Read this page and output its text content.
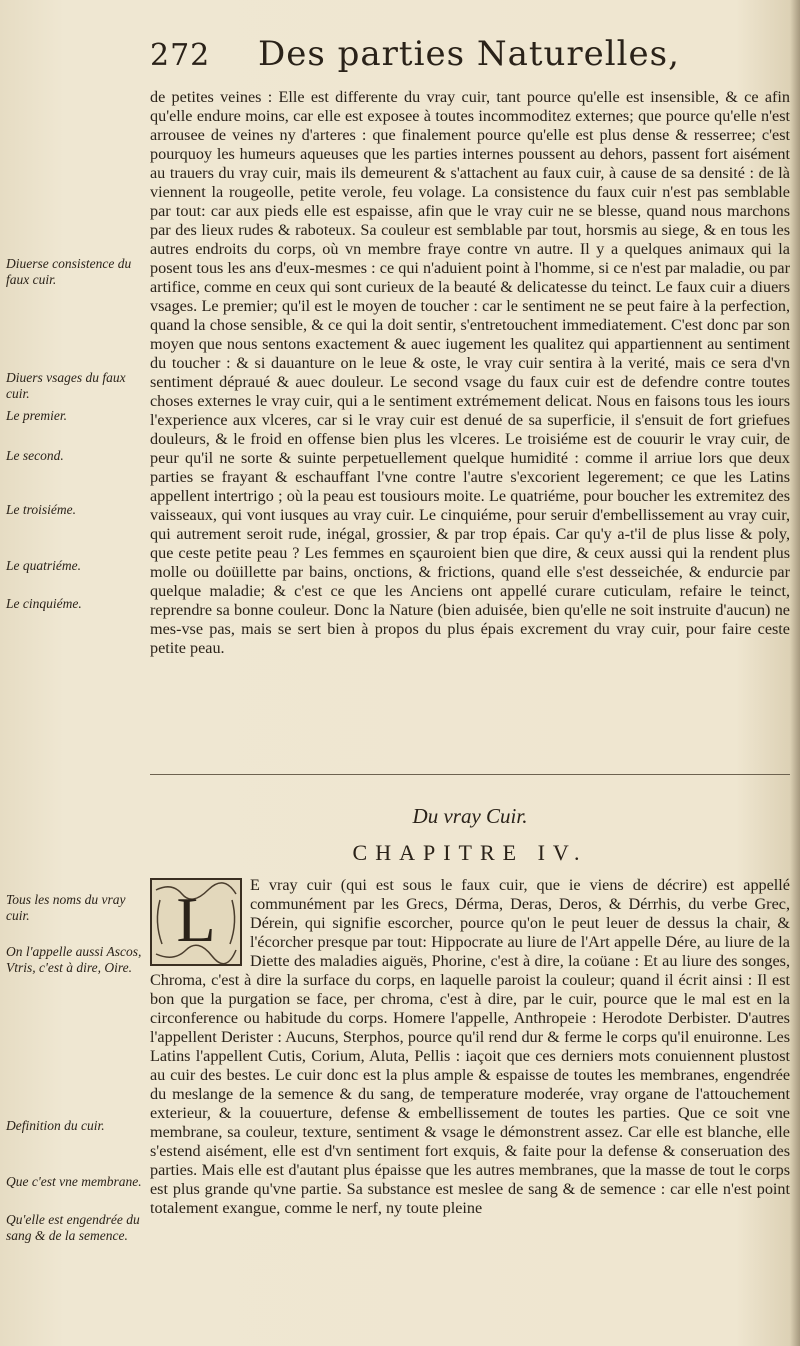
272 Des parties Naturelles,
Diuerse consistence du faux cuir.
Diuers vsages du faux cuir.
Le premier.
Le second.
Le troisiéme.
Le quatriéme.
Le cinquiéme.

de petites veines : Elle est differente du vray cuir, tant pource qu'elle est insensible, & ce afin qu'elle endure moins, car elle est exposee à toutes incommoditez externes; que pource qu'elle n'est arrousee de veines ny d'arteres : que finalement pource qu'elle est plus dense & resserree; c'est pourquoy les humeurs aqueuses que les parties internes poussent au dehors, passent fort aisément au trauers du vray cuir, mais ils demeurent & s'attachent au faux cuir, à cause de sa densité : de là viennent la rougeolle, petite verole, feu volage. La consistence du faux cuir n'est pas semblable par tout: car aux pieds elle est espaisse, afin que le vray cuir ne se blesse, quand nous marchons par des lieux rudes & raboteux. Sa couleur est semblable par tout, horsmis au siege, & en tous les autres endroits du corps, où vn membre fraye contre vn autre. Il y a quelques animaux qui la posent tous les ans d'eux-mesmes : ce qui n'aduient point à l'homme, si ce n'est par maladie, ou par artifice, comme en ceux qui sont curieux de la beauté & delicatesse du teinct. Le faux cuir a diuers vsages. Le premier; qu'il est le moyen de toucher : car le sentiment ne se peut faire à la perfection, quand la chose sensible, & ce qui la doit sentir, s'entretouchent immediatement. C'est donc par son moyen que nous sentons exactement & auec iugement les qualitez qui appartiennent au sentiment du toucher : & si dauanture on le leue & oste, le vray cuir sentira à la verité, mais ce sera d'vn sentiment dépraué & auec douleur. Le second vsage du faux cuir est de defendre contre toutes choses externes le vray cuir, qui a le sentiment extrémement delicat. Nous en faisons tous les iours l'experience aux vlceres, car si le vray cuir est denué de sa superficie, il s'ensuit de fort griefues douleurs, & le froid en offense bien plus les vlceres. Le troisiéme est de couurir le vray cuir, de peur qu'il ne sorte & suinte perpetuellement quelque humidité : comme il arriue lors que deux parties se frayant & eschauffant l'vne contre l'autre s'excorient legerement; ce que les Latins appellent intertrigo ; où la peau est tousiours moite. Le quatriéme, pour boucher les extremitez des vaisseaux, qui vont iusques au vray cuir. Le cinquiéme, pour seruir d'embellissement au vray cuir, qui autrement seroit rude, inégal, grossier, & par trop épais. Car qu'y a-t'il de plus lisse & poly, que ceste petite peau ? Les femmes en sçauroient bien que dire, & ceux aussi qui la rendent plus molle ou doüillette par bains, onctions, & frictions, quand elle s'est desseichée, & endurcie par quelque maladie; & c'est ce que les Anciens ont appellé curare cuticulam, refaire le teinct, reprendre sa bonne couleur. Donc la Nature (bien aduisée, bien qu'elle ne soit instruite d'aucun) ne mes-vse pas, mais se sert bien à propos du plus épais excrement du vray cuir, pour faire ceste petite peau.

Du vray Cuir.
CHAPITRE IV.
Tous les noms du vray cuir.
On l'appelle aussi Ascos, Vtris, c'est à dire, Oire.
Definition du cuir.
Que c'est vne membrane.
Qu'elle est engendrée du sang & de la semence.
L	E vray cuir (qui est sous le faux cuir, que ie viens de décrire) est appellé communément par les Grecs, Dérma, Deras, Deros, & Dérrhis, du verbe Grec, Dérein, qui signifie escorcher, pource qu'on le peut leuer de dessus la chair, & l'écorcher presque par tout: Hippocrate au liure de l'Art appelle Dére, au liure de la Diette des maladies aiguës, Phorine, c'est à dire, la coüane : Et au liure des songes, Chroma, c'est à dire la surface du corps, en laquelle paroist la couleur; quand il écrit ainsi : Il est bon que la purgation se face, per chroma, c'est à dire, par le cuir, pource que le mal est en la circonference ou habitude du corps. Homere l'appelle, Anthropeie : Herodote Derbister. D'autres l'appellent Derister : Aucuns, Sterphos, pource qu'il rend dur & ferme le corps qu'il enuironne. Les Latins l'appellent Cutis, Corium, Aluta, Pellis : iaçoit que ces derniers mots conuiennent plustost au cuir des bestes. Le cuir donc est la plus ample & espaisse de toutes les membranes, engendrée du meslange de la semence & du sang, de temperature moderée, vray organe de l'attouchement exterieur, & la couuerture, defense & embellissement de toutes les parties. Que ce soit vne membrane, sa couleur, texture, sentiment & vsage le démonstrent assez. Car elle est blanche, elle s'estend aisément, elle est d'vn sentiment fort exquis, & faite pour la defense & conseruation des parties. Mais elle est d'autant plus épaisse que les autres membranes, que la masse de tout le corps est plus grande qu'vne partie. Sa substance est meslee de sang & de semence : car elle n'est point totalement exangue, comme le nerf, ny toute pleine
